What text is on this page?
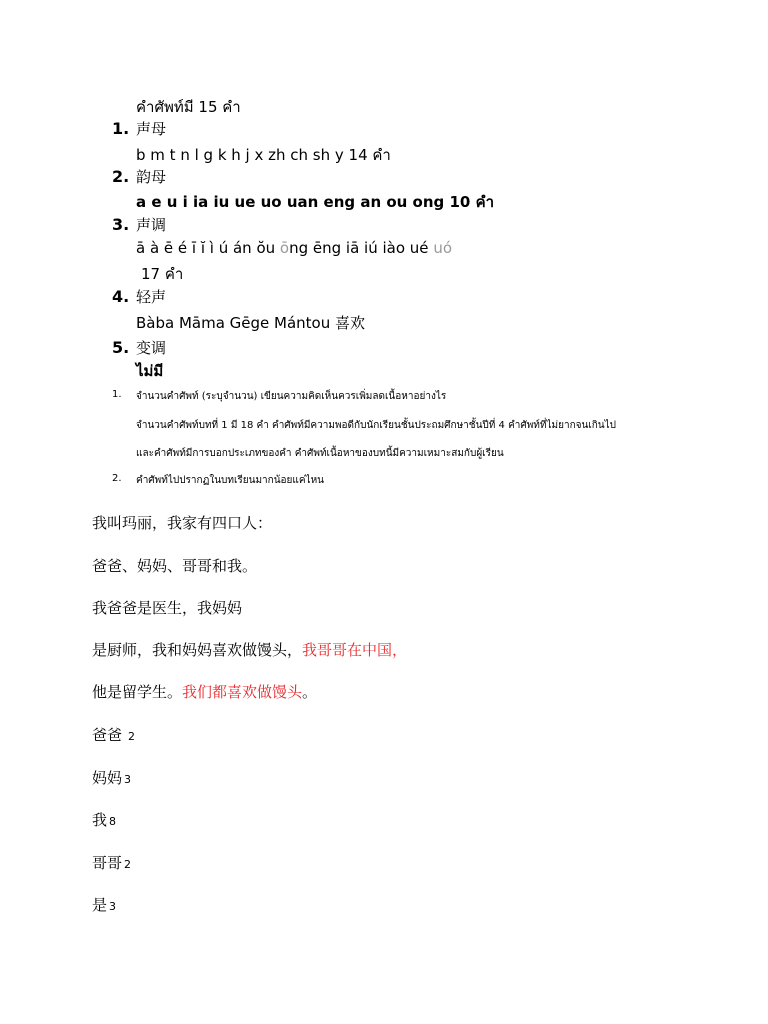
คำศัพท์มี 15 คำ
1. 声母
b m t n l g k h j x zh ch sh y 14 คำ
2. 韵母
a e u i ia iu ue uo uan eng an ou ong 10 คำ
3. 声调
ā à ē é ī ĭ ì ú án ŏu ōng ēng iā iú iào ué uó
17 คำ
4. 轻声
Bàba Māma Gēge Mántou 喜欢
5. 变调
ไม่มี
1. จำนวนคำศัพท์ (ระบุจำนวน) เขียนความคิดเห็นควรเพิ่มลดเนื้อหาอย่างไร
จำนวนคำศัพท์บทที่ 1 มี 18 คำ คำศัพท์มีความพอดีกับนักเรียนชั้นประถมศึกษาชั้นปีที่ 4 คำศัพท์ที่ไม่ยากจนเกินไป
และคำศัพท์มีการบอกประเภทของคำ คำศัพท์เนื้อหาของบทนี้มีความเหมาะสมกับผู้เรียน
2. คำศัพท์ไปปรากฏในบทเรียนมากน้อยแค่ไหน
我叫玛丽，我家有四口人：
爸爸、妈妈、哥哥和我。
我爸爸是医生，我妈妈
是厨师，我和妈妈喜欢做馒头，我哥哥在中国，
他是留学生。我们都喜欢做馒头。
爸爸 2
妈妈 3
我 8
哥哥 2
是 3
